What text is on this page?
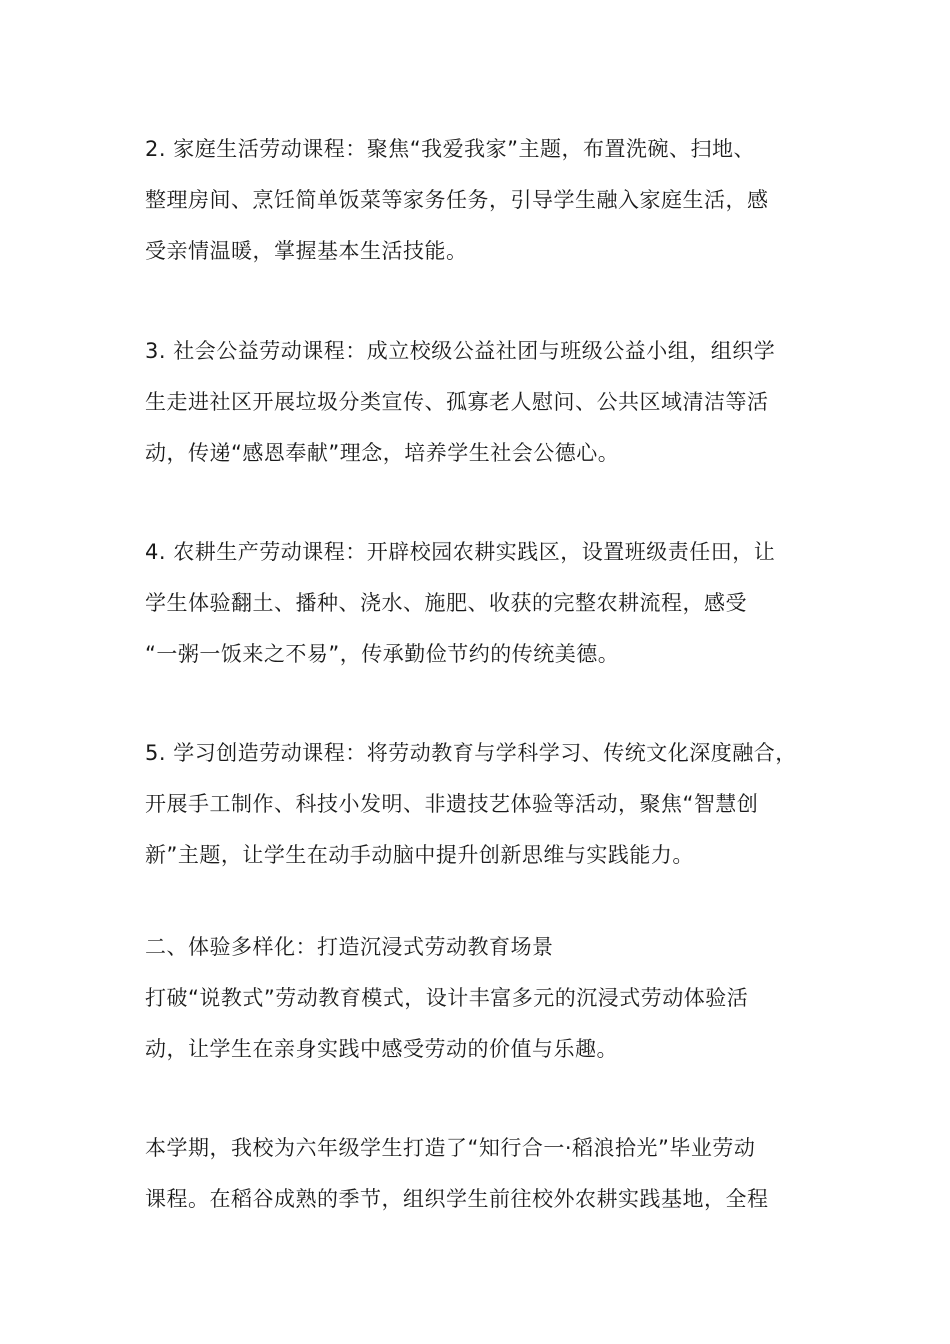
2. 家庭生活劳动课程：聚焦“我爱我家”主题，布置洗碗、扫地、
整理房间、烹饪简单饭菜等家务任务，引导学生融入家庭生活，感
受亲情温暖，掌握基本生活技能。
3. 社会公益劳动课程：成立校级公益社团与班级公益小组，组织学
生走进社区开展垃圾分类宣传、孤寡老人慰问、公共区域清洁等活
动，传递“感恩奉献”理念，培养学生社会公德心。
4. 农耕生产劳动课程：开辟校园农耕实践区，设置班级责任田，让
学生体验翻土、播种、浇水、施肥、收获的完整农耕流程，感受
“一粥一饭来之不易”，传承勤俭节约的传统美德。
5. 学习创造劳动课程：将劳动教育与学科学习、传统文化深度融合，
开展手工制作、科技小发明、非遗技艺体验等活动，聚焦“智慧创
新”主题，让学生在动手动脑中提升创新思维与实践能力。
二、体验多样化：打造沉浸式劳动教育场景
打破“说教式”劳动教育模式，设计丰富多元的沉浸式劳动体验活
动，让学生在亲身实践中感受劳动的价值与乐趣。
本学期，我校为六年级学生打造了“知行合一·稻浪拾光”毕业劳动
课程。在稻谷成熟的季节，组织学生前往校外农耕实践基地，全程
